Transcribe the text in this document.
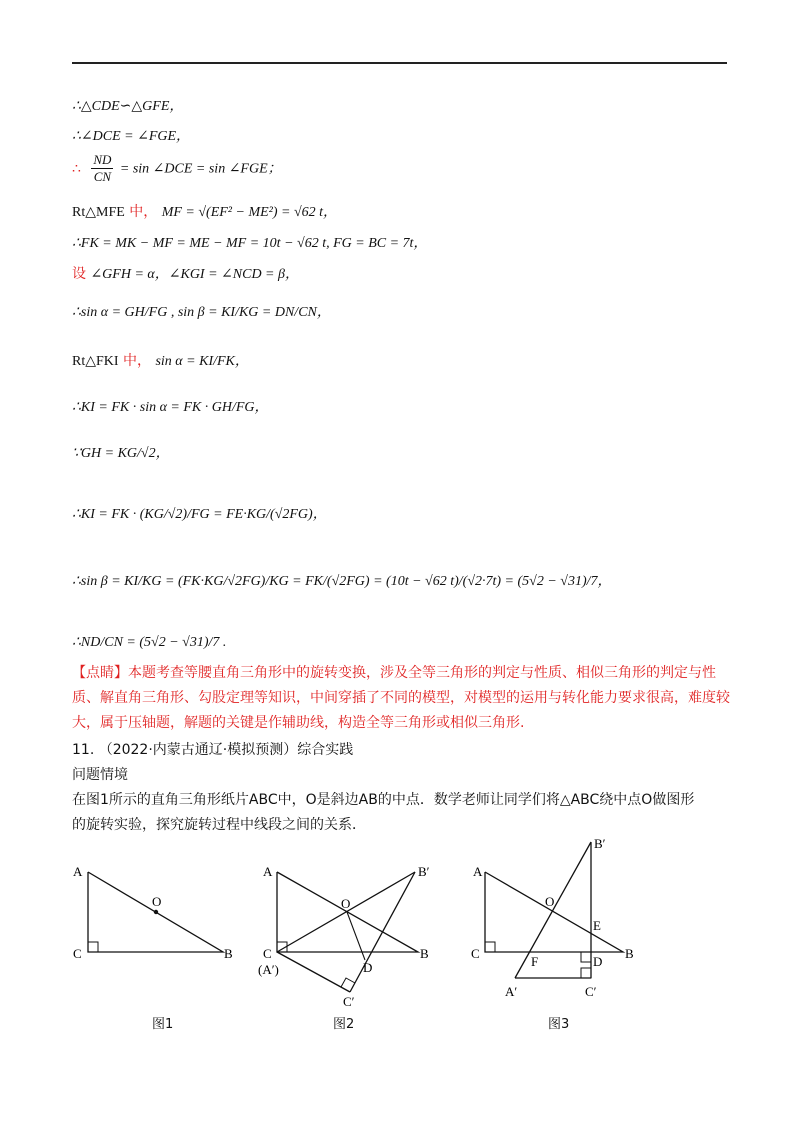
∴△CDE∽△GFE，
∴∠DCE = ∠FGE，
∴ $\frac{ND}{CN} = \sin$ ∠DCE = sin ∠FGE；
Rt△MFE 中， MF = √(EF² − ME²) = √62 t，
∴FK = MK − MF = ME − MF = 10t − √62 t, FG = BC = 7t，
设 ∠GFH = α，∠KGI = ∠NCD = β，
∴sin α = GH/FG , sin β = KI/KG = DN/CN，
Rt△FKI 中， sin α = KI/FK，
∴KI = FK · sin α = FK · GH/FG，
∵GH = KG/√2，
∴KI = FK · (KG/√2)/FG = FE·KG/(√2FG)，
∴sin β = KI/KG = (FK·KG/√2FG)/KG = FK/(√2FG) = (10t − √62 t)/(√2·7t) = (5√2 − √31)/7，
∴ND/CN = (5√2 − √31)/7 .
【点睛】本题考查等腰直角三角形中的旋转变换，涉及全等三角形的判定与性质、相似三角形的判定与性质、解直角三角形、勾股定理等知识，中间穿插了不同的模型，对模型的运用与转化能力要求很高，难度较大，属于压轴题，解题的关键是作辅助线，构造全等三角形或相似三角形.
11. （2022·内蒙古通辽·模拟预测）综合实践
问题情境
在图1所示的直角三角形纸片ABC中，O是斜边AB的中点．数学老师让同学们将△ABC绕中点O做图形
的旋转实验，探究旋转过程中线段之间的关系．
A
C	B
O
图1
A	B′
O
C
(A′)	D
B
C′
图2
A
B′
O
E
C
F	D
B
A′	C′
图3
